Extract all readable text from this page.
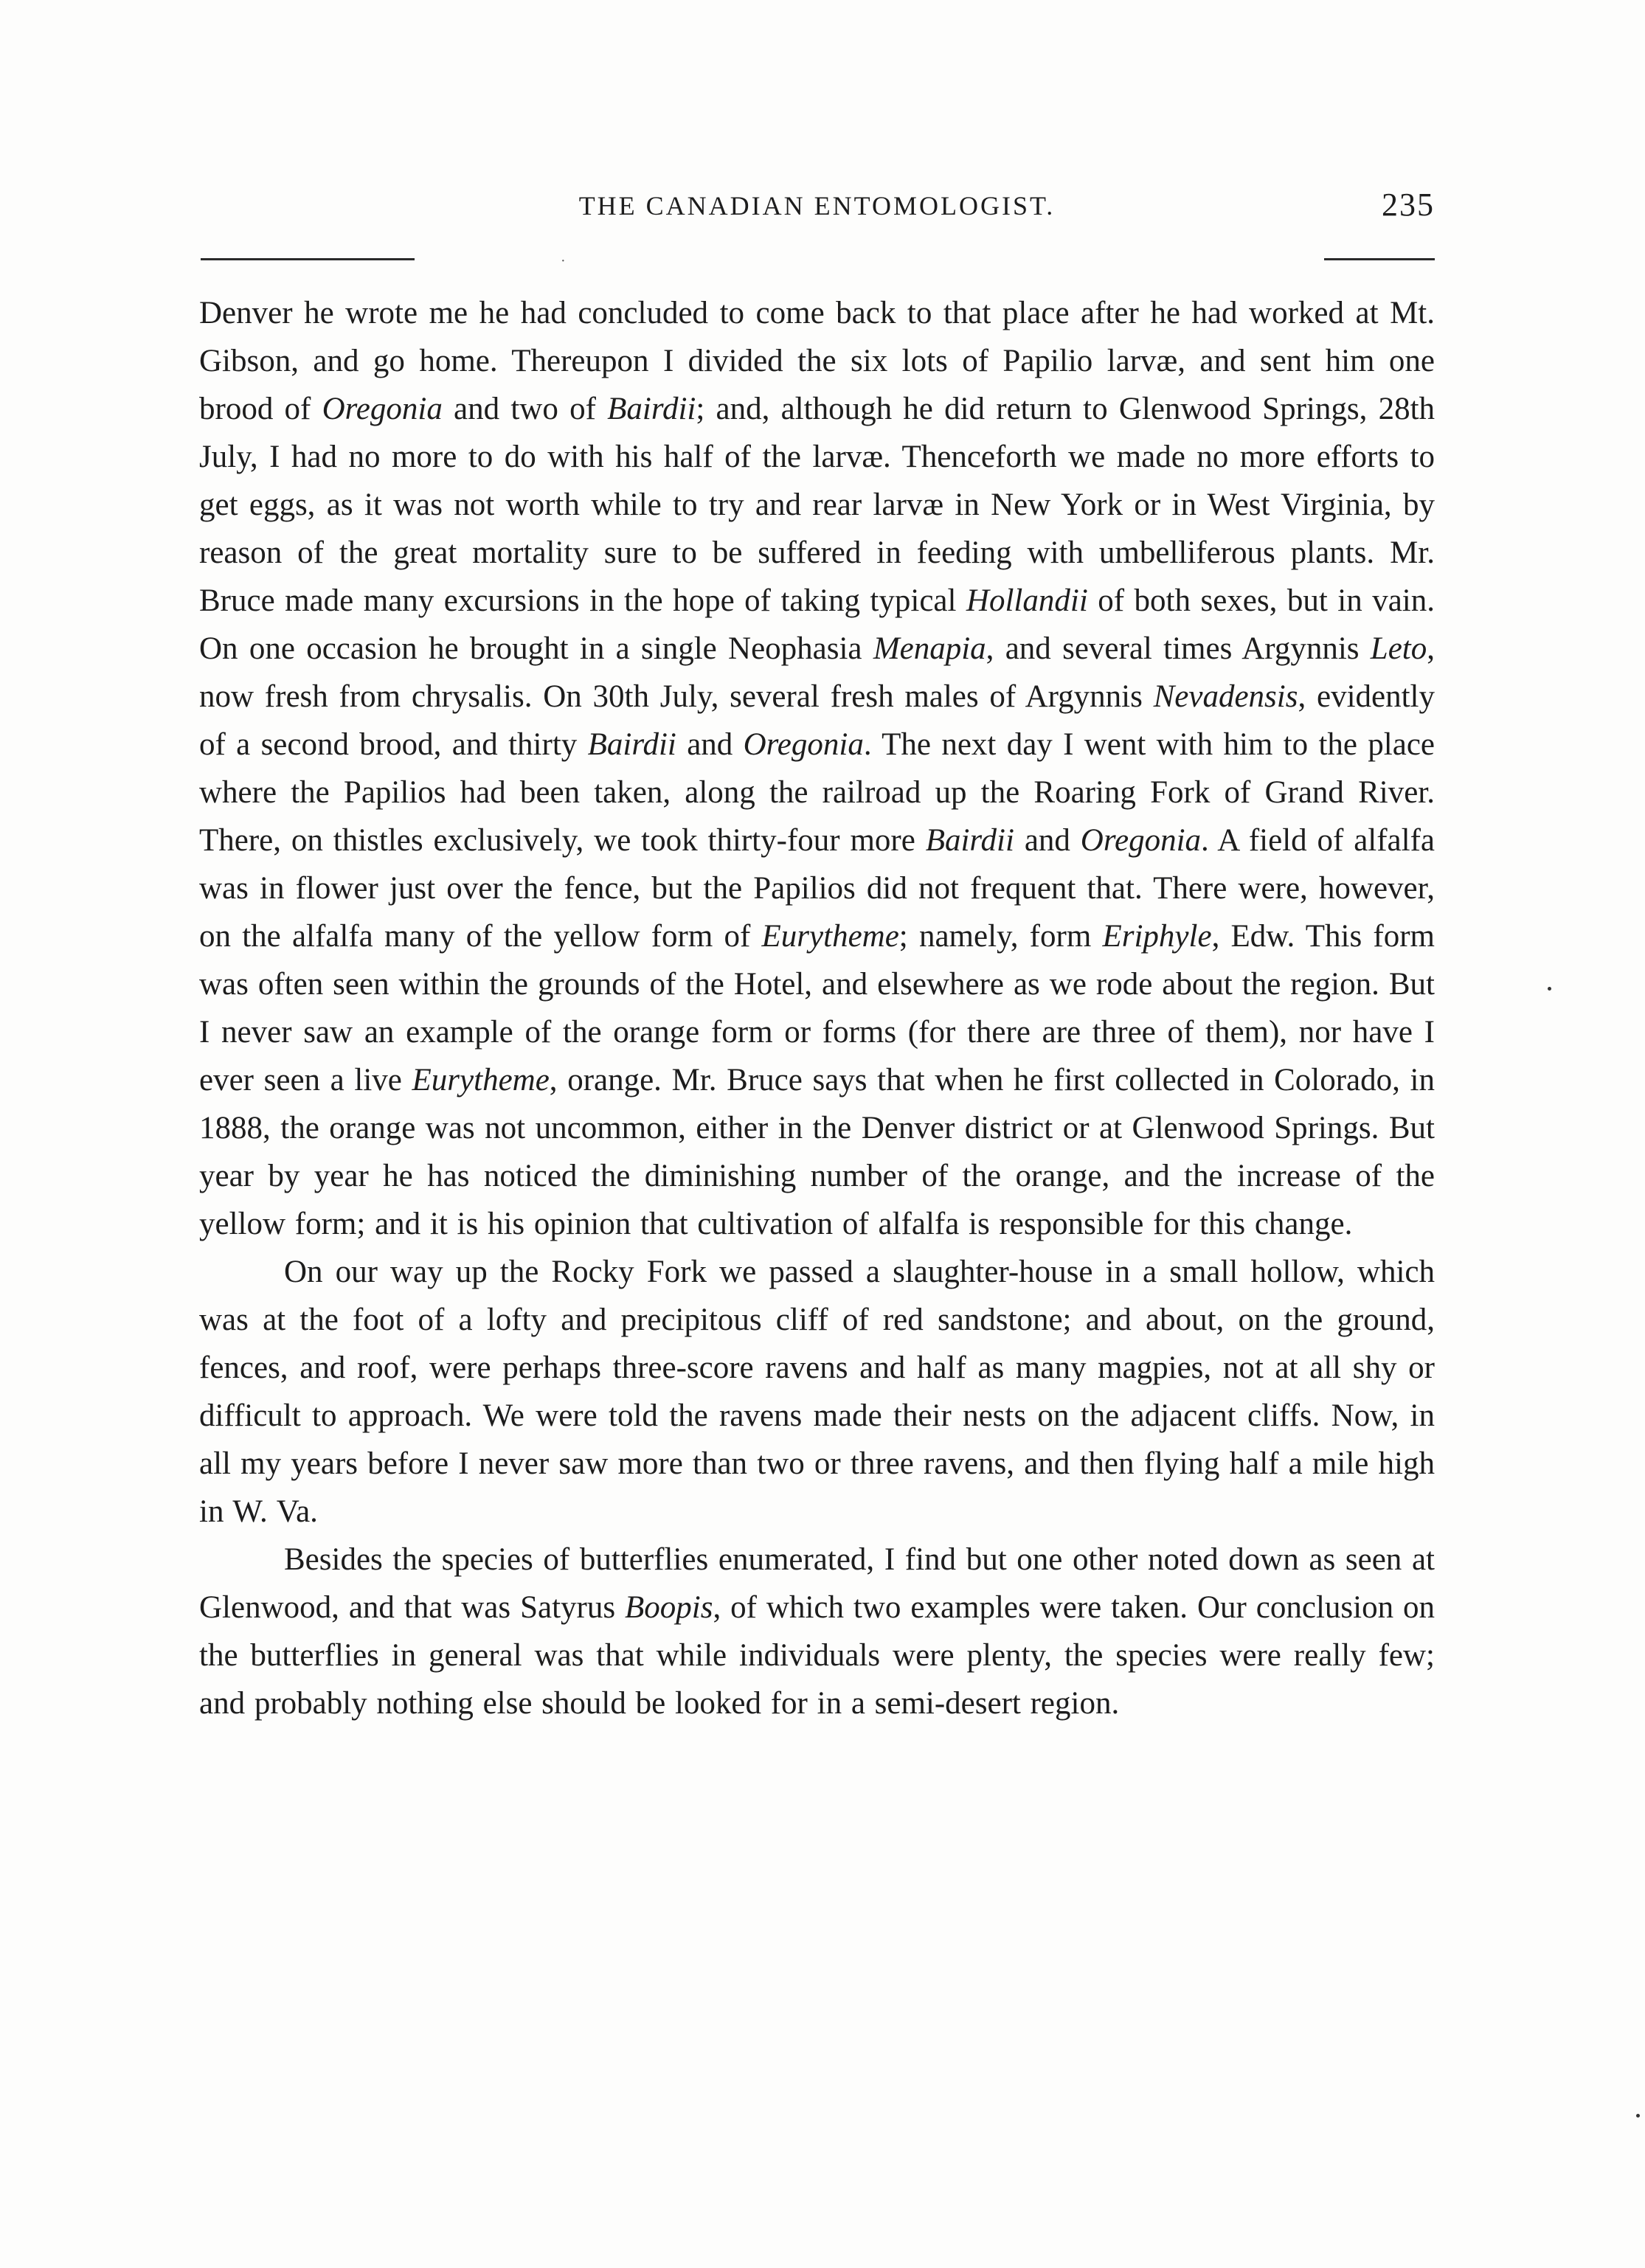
THE CANADIAN ENTOMOLOGIST.	235
·

Denver he wrote me he had concluded to come back to that place after he had worked at Mt. Gibson, and go home. Thereupon I divided the six lots of Papilio larvæ, and sent him one brood of Oregonia and two of Bairdii; and, although he did return to Glenwood Springs, 28th July, I had no more to do with his half of the larvæ. Thenceforth we made no more efforts to get eggs, as it was not worth while to try and rear larvæ in New York or in West Virginia, by reason of the great mortality sure to be suffered in feeding with umbelliferous plants. Mr. Bruce made many excursions in the hope of taking typical Hollandii of both sexes, but in vain. On one occasion he brought in a single Neophasia Menapia, and several times Argynnis Leto, now fresh from chrysalis. On 30th July, several fresh males of Argynnis Nevadensis, evidently of a second brood, and thirty Bairdii and Oregonia. The next day I went with him to the place where the Papilios had been taken, along the railroad up the Roaring Fork of Grand River. There, on thistles exclusively, we took thirty-four more Bairdii and Oregonia. A field of alfalfa was in flower just over the fence, but the Papilios did not frequent that. There were, however, on the alfalfa many of the yellow form of Eurytheme; namely, form Eriphyle, Edw. This form was often seen within the grounds of the Hotel, and elsewhere as we rode about the region. But I never saw an example of the orange form or forms (for there are three of them), nor have I ever seen a live Eurytheme, orange. Mr. Bruce says that when he first collected in Colorado, in 1888, the orange was not uncommon, either in the Denver district or at Glenwood Springs. But year by year he has noticed the diminishing number of the orange, and the increase of the yellow form; and it is his opinion that cultivation of alfalfa is responsible for this change.

On our way up the Rocky Fork we passed a slaughter-house in a small hollow, which was at the foot of a lofty and precipitous cliff of red sandstone; and about, on the ground, fences, and roof, were perhaps three-score ravens and half as many magpies, not at all shy or difficult to approach. We were told the ravens made their nests on the adjacent cliffs. Now, in all my years before I never saw more than two or three ravens, and then flying half a mile high in W. Va.

Besides the species of butterflies enumerated, I find but one other noted down as seen at Glenwood, and that was Satyrus Boopis, of which two examples were taken. Our conclusion on the butterflies in general was that while individuals were plenty, the species were really few; and probably nothing else should be looked for in a semi-desert region.
